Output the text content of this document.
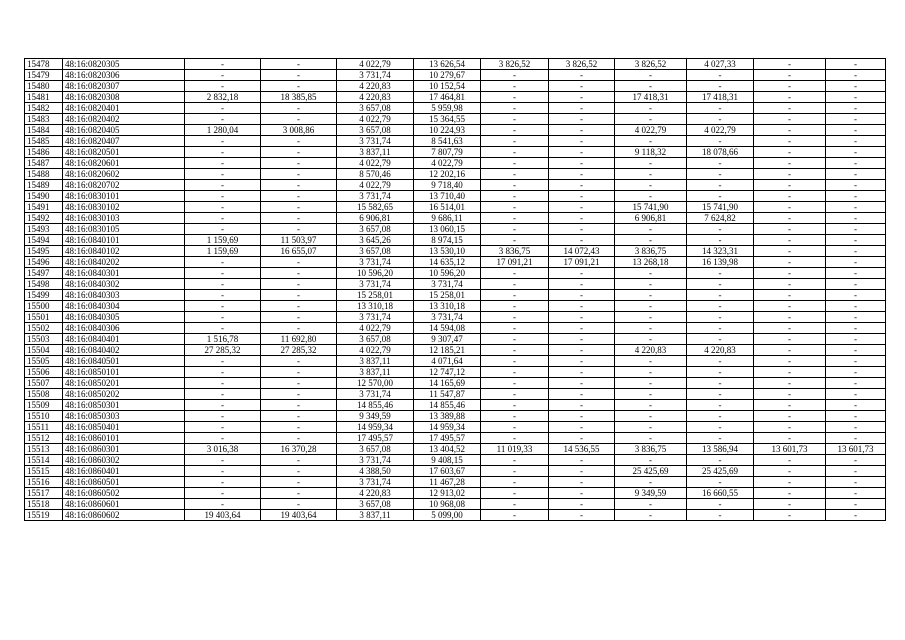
15478	48:16:0820305	-	-	4 022,79	13 626,54	3 826,52	3 826,52	3 826,52	4 027,33	-	-
15479	48:16:0820306	-	-	3 731,74	10 279,67	-	-	-	-	-	-
15480	48:16:0820307	-	-	4 220,83	10 152,54	-	-	-	-	-	-
15481	48:16:0820308	2 832,18	18 385,85	4 220,83	17 464,81	-	-	17 418,31	17 418,31	-	-
15482	48:16:0820401	-	-	3 657,08	5 959,98	-	-	-	-	-	-
15483	48:16:0820402	-	-	4 022,79	15 364,55	-	-	-	-	-	-
15484	48:16:0820405	1 280,04	3 008,86	3 657,08	10 224,93	-	-	4 022,79	4 022,79	-	-
15485	48:16:0820407	-	-	3 731,74	8 541,63	-	-	-	-	-	-
15486	48:16:0820501	-	-	3 837,11	7 807,79	-	-	9 118,32	18 078,66	-	-
15487	48:16:0820601	-	-	4 022,79	4 022,79	-	-	-	-	-	-
15488	48:16:0820602	-	-	8 570,46	12 202,16	-	-	-	-	-	-
15489	48:16:0820702	-	-	4 022,79	9 718,40	-	-	-	-	-	-
15490	48:16:0830101	-	-	3 731,74	13 710,40	-	-	-	-	-	-
15491	48:16:0830102	-	-	15 582,65	16 514,01	-	-	15 741,90	15 741,90	-	-
15492	48:16:0830103	-	-	6 906,81	9 686,11	-	-	6 906,81	7 624,82	-	-
15493	48:16:0830105	-	-	3 657,08	13 060,15	-	-	-	-	-	-
15494	48:16:0840101	1 159,69	11 503,97	3 645,26	8 974,15	-	-	-	-	-	-
15495	48:16:0840102	1 159,69	16 655,07	3 657,08	13 530,10	3 836,75	14 072,43	3 836,75	14 323,31	-	-
15496	48:16:0840202	-	-	3 731,74	14 635,12	17 091,21	17 091,21	13 268,18	16 139,98	-	-
15497	48:16:0840301	-	-	10 596,20	10 596,20	-	-	-	-	-	-
15498	48:16:0840302	-	-	3 731,74	3 731,74	-	-	-	-	-	-
15499	48:16:0840303	-	-	15 258,01	15 258,01	-	-	-	-	-	-
15500	48:16:0840304	-	-	13 310,18	13 310,18	-	-	-	-	-	-
15501	48:16:0840305	-	-	3 731,74	3 731,74	-	-	-	-	-	-
15502	48:16:0840306	-	-	4 022,79	14 594,08	-	-	-	-	-	-
15503	48:16:0840401	1 516,78	11 692,80	3 657,08	9 307,47	-	-	-	-	-	-
15504	48:16:0840402	27 285,32	27 285,32	4 022,79	12 185,21	-	-	4 220,83	4 220,83	-	-
15505	48:16:0840501	-	-	3 837,11	4 071,64	-	-	-	-	-	-
15506	48:16:0850101	-	-	3 837,11	12 747,12	-	-	-	-	-	-
15507	48:16:0850201	-	-	12 570,00	14 165,69	-	-	-	-	-	-
15508	48:16:0850202	-	-	3 731,74	11 547,87	-	-	-	-	-	-
15509	48:16:0850301	-	-	14 855,46	14 855,46	-	-	-	-	-	-
15510	48:16:0850303	-	-	9 349,59	13 389,88	-	-	-	-	-	-
15511	48:16:0850401	-	-	14 959,34	14 959,34	-	-	-	-	-	-
15512	48:16:0860101	-	-	17 495,57	17 495,57	-	-	-	-	-	-
15513	48:16:0860301	3 016,38	16 370,28	3 657,08	13 404,52	11 019,33	14 536,55	3 836,75	13 586,94	13 601,73	13 601,73
15514	48:16:0860302	-	-	3 731,74	9 408,15	-	-	-	-	-	-
15515	48:16:0860401	-	-	4 388,50	17 603,67	-	-	25 425,69	25 425,69	-	-
15516	48:16:0860501	-	-	3 731,74	11 467,28	-	-	-	-	-	-
15517	48:16:0860502	-	-	4 220,83	12 913,02	-	-	9 349,59	16 660,55	-	-
15518	48:16:0860601	-	-	3 657,08	10 968,08	-	-	-	-	-	-
15519	48:16:0860602	19 403,64	19 403,64	3 837,11	5 099,00	-	-	-	-	-	-
